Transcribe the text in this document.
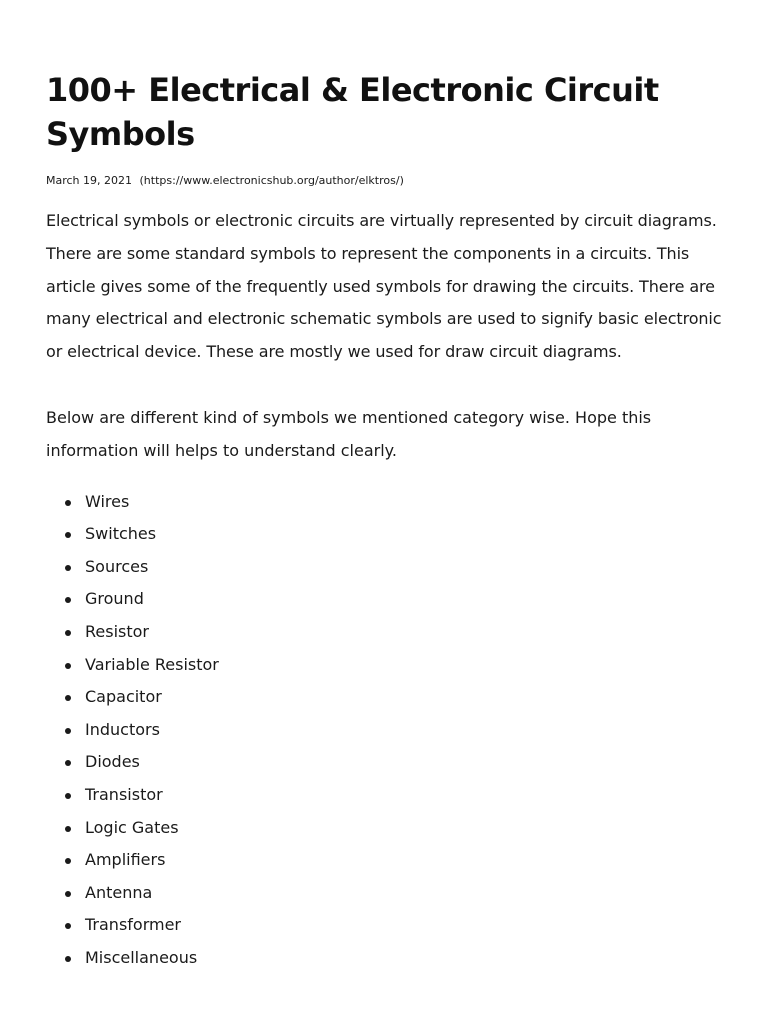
100+ Electrical & Electronic Circuit Symbols
March 19, 2021 (https://www.electronicshub.org/author/elktros/)

Electrical symbols or electronic circuits are virtually represented by circuit diagrams. There are some standard symbols to represent the components in a circuits. This article gives some of the frequently used symbols for drawing the circuits. There are many electrical and electronic schematic symbols are used to signify basic electronic or electrical device. These are mostly we used for draw circuit diagrams.

Below are different kind of symbols we mentioned category wise. Hope this information will helps to understand clearly.

Wires
Switches
Sources
Ground
Resistor
Variable Resistor
Capacitor
Inductors
Diodes
Transistor
Logic Gates
Amplifiers
Antenna
Transformer
Miscellaneous
